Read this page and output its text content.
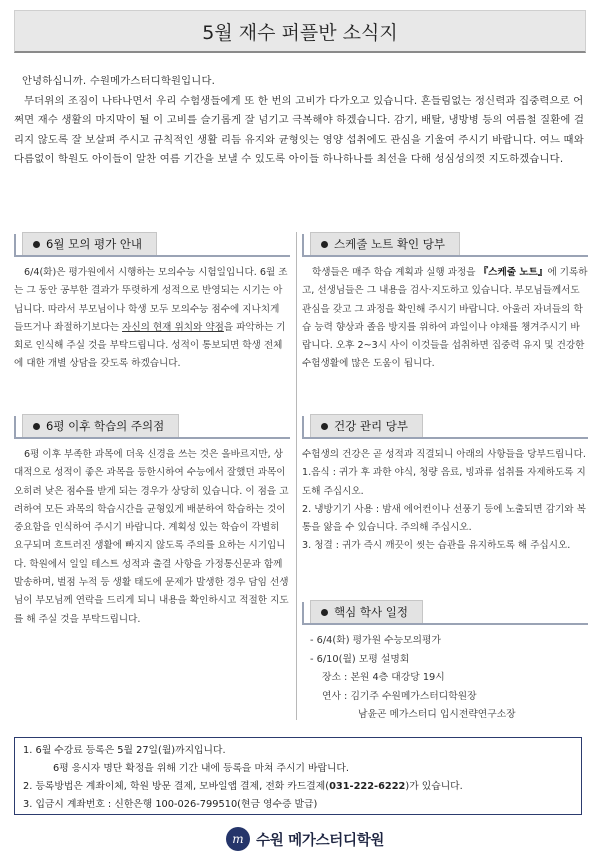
5월 재수 퍼플반 소식지

안녕하십니까. 수원메가스터디학원입니다.

무더위의 조짐이 나타나면서 우리 수험생들에게 또 한 번의 고비가 다가오고 있습니다. 흔들림없는 정신력과 집중력으로 어쩌면 재수 생활의 마지막이 될 이 고비를 슬기롭게 잘 넘기고 극복해야 하겠습니다. 감기, 배탈, 냉방병 등의 여름철 질환에 걸리지 않도록 잘 보살펴 주시고 규칙적인 생활 리듬 유지와 균형잇는 영양 섭취에도 관심을 기울여 주시기 바랍니다. 여느 때와 다름없이 학원도 아이들이 알찬 여름 기간을 보낼 수 있도록 아이들 하나하나를 최선을 다해 성심성의껏 지도하겠습니다.

6월 모의 평가 안내

6/4(화)은 평가원에서 시행하는 모의수능 시험일입니다. 6월 조는 그 동안 공부한 결과가 뚜렷하게 성적으로 반영되는 시기는 아닙니다. 따라서 부모님이나 학생 모두 모의수능 점수에 지나치게 들뜨거나 좌절하기보다는 자신의 현재 위치와 약점을 파악하는 기회로 인식해 주실 것을 부탁드립니다. 성적이 통보되면 학생 전체에 대한 개별 상담을 갖도록 하겠습니다.

6평 이후 학습의 주의점

6평 이후 부족한 과목에 더욱 신경을 쓰는 것은 올바르지만, 상대적으로 성적이 좋은 과목을 등한시하여 수능에서 잘했던 과목이 오히려 낮은 점수를 받게 되는 경우가 상당히 있습니다. 이 점을 고려하여 모든 과목의 학습시간을 균형있게 배분하여 학습하는 것이 중요함을 인식하여 주시기 바랍니다. 계획성 있는 학습이 각별히 요구되며 흐트러진 생활에 빠지지 않도록 주의를 요하는 시기입니다. 학원에서 일일 테스트 성적과 출결 사항을 가정통신문과 함께 발송하며, 벌점 누적 등 생활 태도에 문제가 발생한 경우 담임 선생님이 부모님께 연락을 드리게 되니 내용을 확인하시고 적절한 지도를 해 주실 것을 부탁드립니다.

스케줄 노트 확인 당부

학생들은 매주 학습 계획과 실행 과정을 『스케줄 노트』에 기록하고, 선생님들은 그 내용을 검사·지도하고 있습니다. 부모님들께서도 관심을 갖고 그 과정을 확인해 주시기 바랍니다. 아울러 자녀들의 학습 능력 향상과 졸음 방지를 위하여 과일이나 야채를 챙겨주시기 바랍니다. 오후 2~3시 사이 이것들을 섭취하면 집중력 유지 및 건강한 수험생활에 많은 도움이 됩니다.

건강 관리 당부

수험생의 건강은 곧 성적과 직결되니 아래의 사항들을 당부드립니다.

1.음식 : 귀가 후 과한 야식, 청량 음료, 빙과류 섭취를 자제하도록 지도해 주십시오.

2. 냉방기기 사용 : 밤새 에어컨이나 선풍기 등에 노출되면 감기와 복통을 앓을 수 있습니다. 주의해 주십시오.

3. 청결 : 귀가 즉시 깨끗이 씻는 습관을 유지하도록 해 주십시오.

핵심 학사 일정
- 6/4(화) 평가원 수능모의평가
- 6/10(월) 모평 설명회
장소 : 본원 4층 대강당 19시
연사 : 김기주 수원메가스터디학원장
남윤곤 메가스터디 입시전략연구소장
1. 6월 수강료 등록은 5월 27일(월)까지입니다.
6평 응시자 명단 확정을 위해 기간 내에 등록을 마쳐 주시기 바랍니다.
2. 등록방법은 계좌이체, 학원 방문 결제, 모바일앱 결제, 전화 카드결제(031-222-6222)가 있습니다.
3. 입금시 계좌번호 : 신한은행 100-026-799510(현금 영수증 발급)
m 수원 메가스터디학원
